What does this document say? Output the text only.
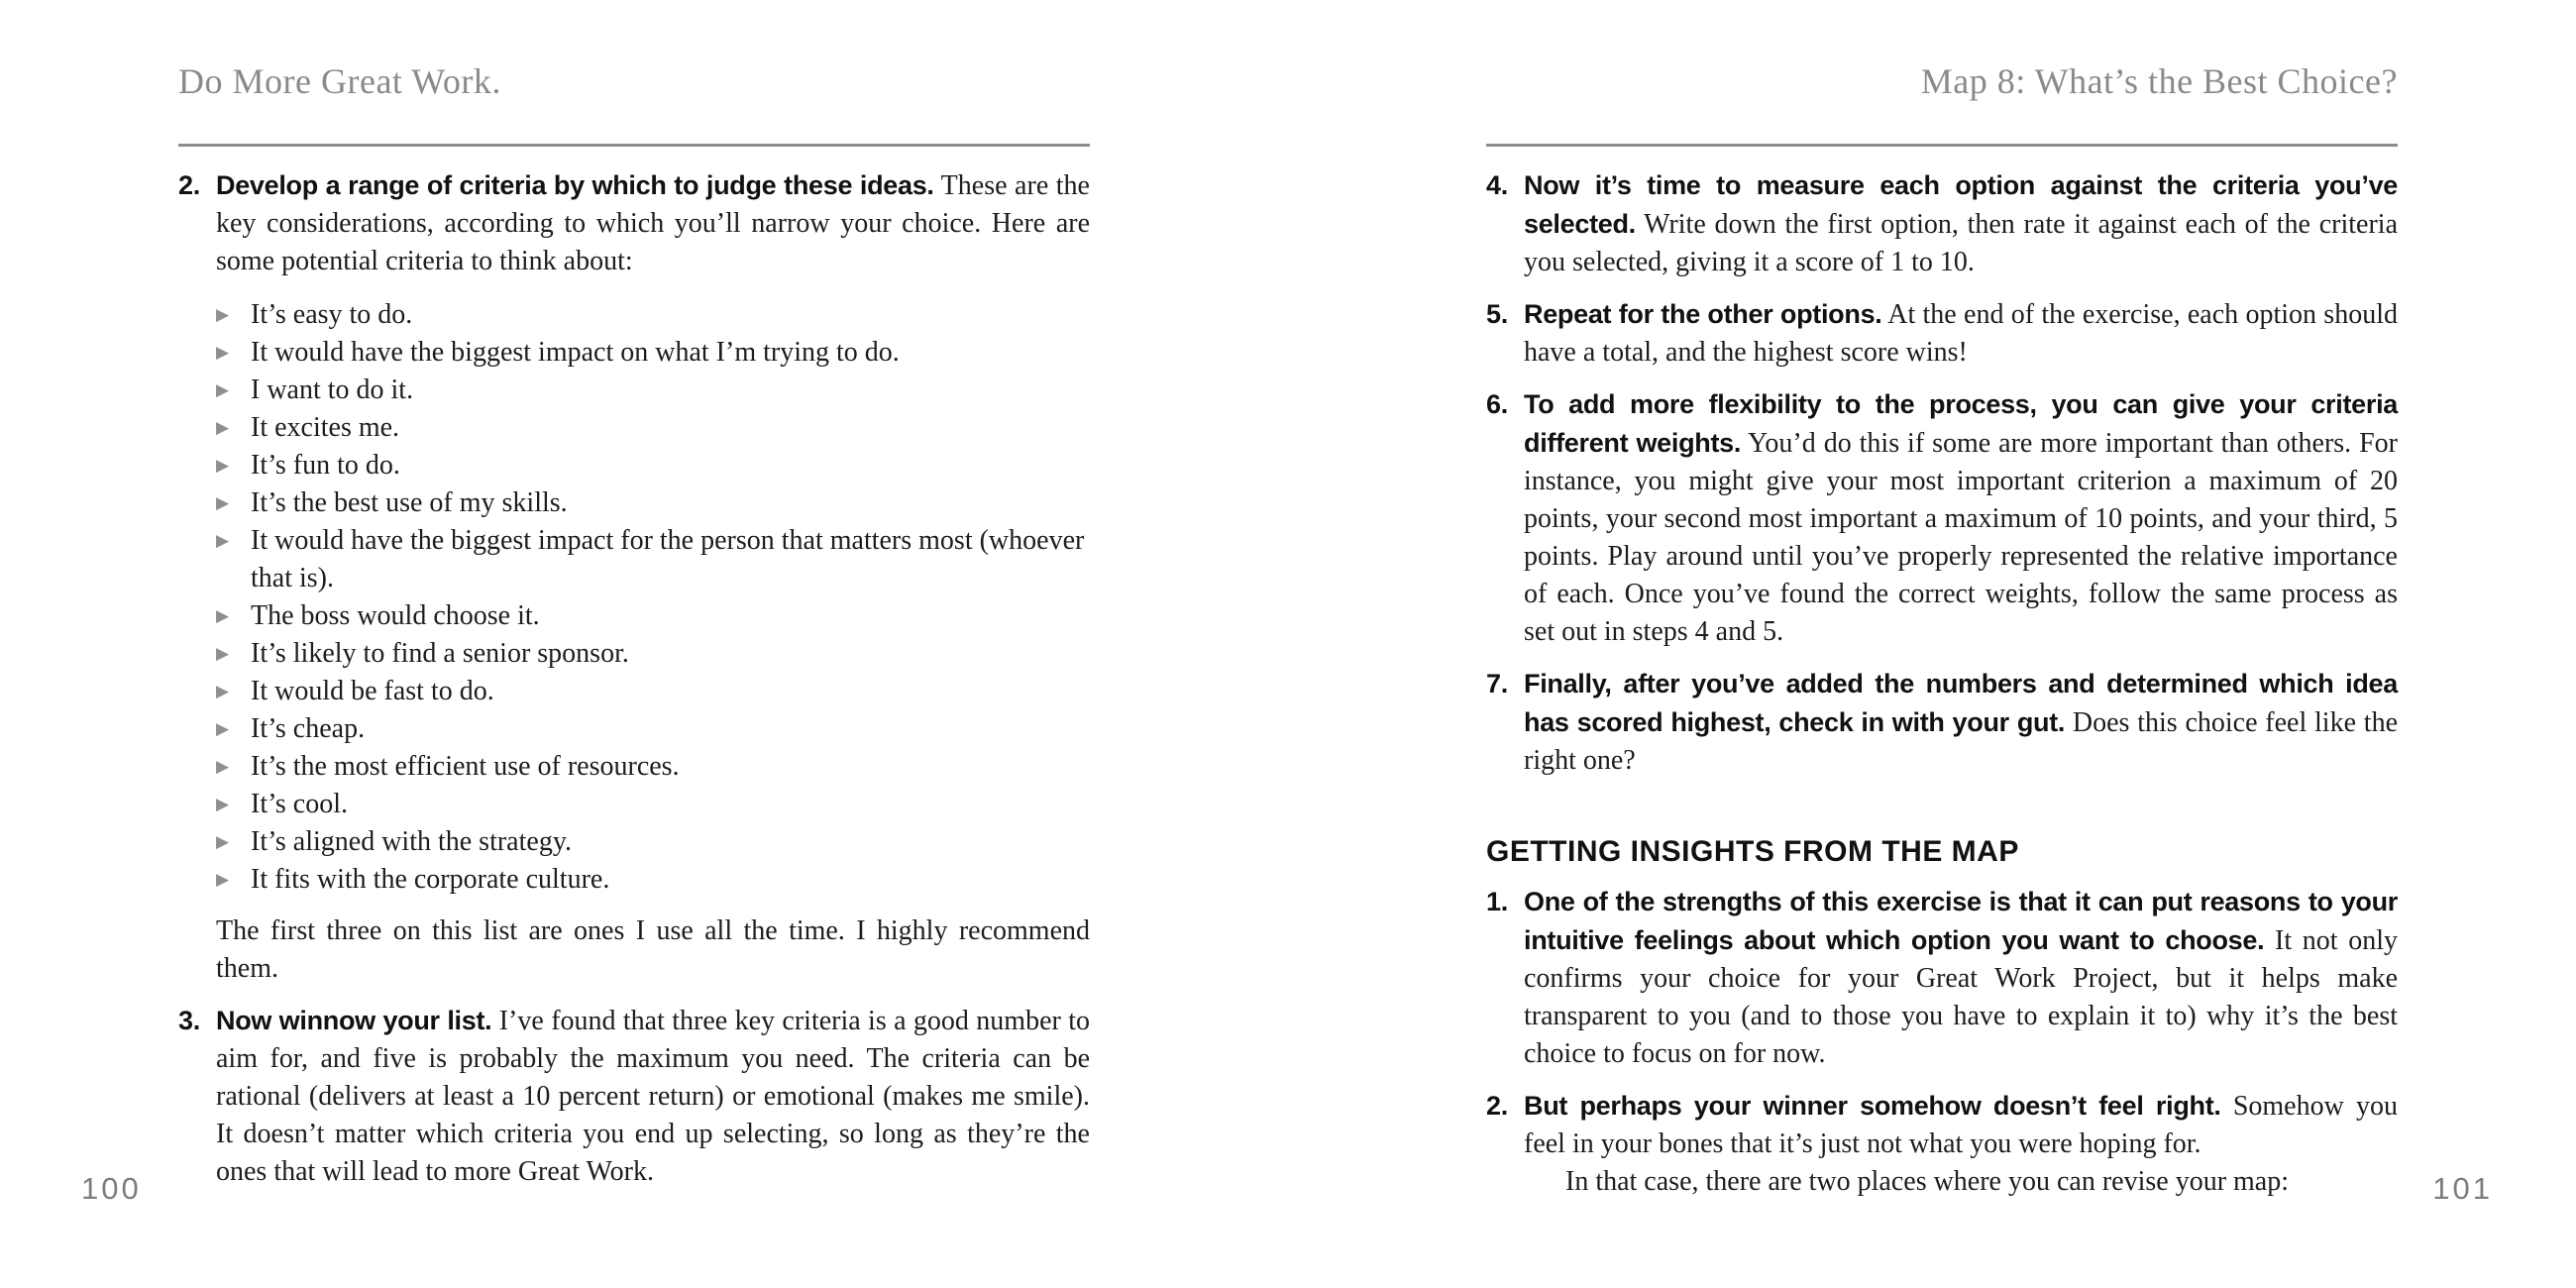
Do More Great Work.
2. Develop a range of criteria by which to judge these ideas. These are the key considerations, according to which you’ll narrow your choice. Here are some potential criteria to think about:
▶ It’s easy to do.
▶ It would have the biggest impact on what I’m trying to do.
▶ I want to do it.
▶ It excites me.
▶ It’s fun to do.
▶ It’s the best use of my skills.
▶ It would have the biggest impact for the person that matters most (whoever that is).
▶ The boss would choose it.
▶ It’s likely to find a senior sponsor.
▶ It would be fast to do.
▶ It’s cheap.
▶ It’s the most efficient use of resources.
▶ It’s cool.
▶ It’s aligned with the strategy.
▶ It fits with the corporate culture.

The first three on this list are ones I use all the time. I highly recommend them.

3. Now winnow your list. I’ve found that three key criteria is a good number to aim for, and five is probably the maximum you need. The criteria can be rational (delivers at least a 10 percent return) or emotional (makes me smile). It doesn’t matter which criteria you end up selecting, so long as they’re the ones that will lead to more Great Work.
100
Map 8: What’s the Best Choice?
4. Now it’s time to measure each option against the criteria you’ve selected. Write down the first option, then rate it against each of the criteria you selected, giving it a score of 1 to 10.
5. Repeat for the other options. At the end of the exercise, each option should have a total, and the highest score wins!
6. To add more flexibility to the process, you can give your criteria different weights. You’d do this if some are more important than others. For instance, you might give your most important criterion a maximum of 20 points, your second most important a maximum of 10 points, and your third, 5 points. Play around until you’ve properly represented the relative importance of each. Once you’ve found the correct weights, follow the same process as set out in steps 4 and 5.
7. Finally, after you’ve added the numbers and determined which idea has scored highest, check in with your gut. Does this choice feel like the right one?
GETTING INSIGHTS FROM THE MAP
1. One of the strengths of this exercise is that it can put reasons to your intuitive feelings about which option you want to choose. It not only confirms your choice for your Great Work Project, but it helps make transparent to you (and to those you have to explain it to) why it’s the best choice to focus on for now.
2. But perhaps your winner somehow doesn’t feel right. Somehow you feel in your bones that it’s just not what you were hoping for.

In that case, there are two places where you can revise your map:	101
